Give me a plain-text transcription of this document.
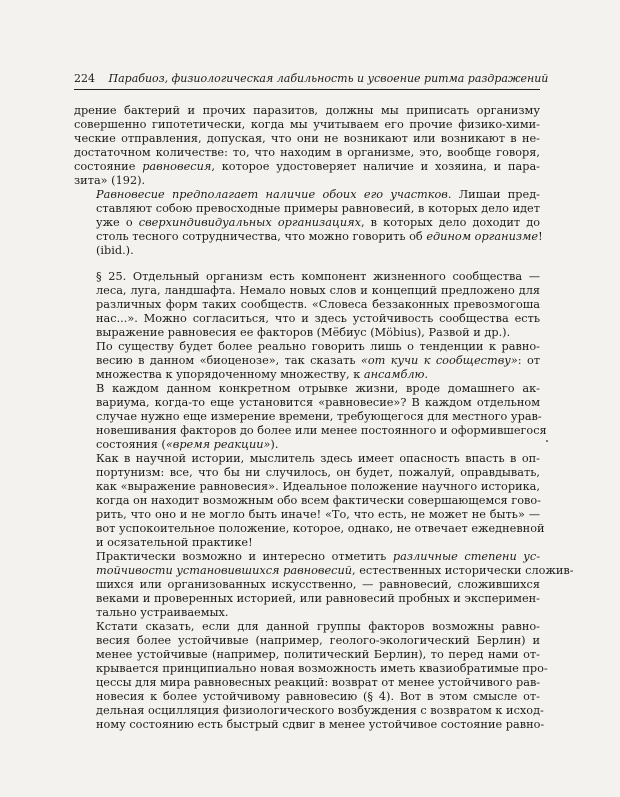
224 Парабиоз, физиологическая лабильность и усвоение ритма раздражений
дрение бактерий и прочих паразитов, должны мы приписать организму
совершенно гипотетически, когда мы учитываем его прочие физико-хими-
ческие отправления, допуская, что они не возникают или возникают в не-
достаточном количестве: то, что находим в организме, это, вообще говоря,
состояние равновесия, которое удостоверяет наличие и хозяина, и пара-
зита» (192).
Равновесие предполагает наличие обоих его участков. Лишаи пред-
ставляют собою превосходные примеры равновесий, в которых дело идет
уже о сверхиндивидуальных организациях, в которых дело доходит до
столь тесного сотрудничества, что можно говорить об едином организме!
(ibid.).
§ 25. Отдельный организм есть компонент жизненного сообщества —
леса, луга, ландшафта. Немало новых слов и концепций предложено для
различных форм таких сообществ. «Словеса беззаконных превозмогоша
нас...». Можно согласиться, что и здесь устойчивость сообщества есть
выражение равновесия ее факторов (Мёбиус (Möbius), Развой и др.).
По существу будет более реально говорить лишь о тенденции к равно-
весию в данном «биоценозе», так сказать «от кучи к сообществу»: от
множества к упорядоченному множеству, к ансамблю.
В каждом данном конкретном отрывке жизни, вроде домашнего ак-
вариума, когда-то еще установится «равновесие»? В каждом отдельном
случае нужно еще измерение времени, требующегося для местного урав-
новешивания факторов до более или менее постоянного и оформившегося
состояния («время реакции»).
Как в научной истории, мыслитель здесь имеет опасность впасть в оп-
портунизм: все, что бы ни случилось, он будет, пожалуй, оправдывать,
как «выражение равновесия». Идеальное положение научного историка,
когда он находит возможным обо всем фактически совершающемся гово-
рить, что оно и не могло быть иначе! «То, что есть, не может не быть» —
вот успокоительное положение, которое, однако, не отвечает ежедневной
и осязательной практике!
Практически возможно и интересно отметить различные степени ус-
тойчивости установившихся равновесий, естественных исторически сложив-
шихся или организованных искусственно, — равновесий, сложившихся
веками и проверенных историей, или равновесий пробных и эксперимен-
тально устраиваемых.
Кстати сказать, если для данной группы факторов возможны равно-
весия более устойчивые (например, геолого-экологический Берлин) и
менее устойчивые (например, политический Берлин), то перед нами от-
крывается принципиально новая возможность иметь квазиобратимые про-
цессы для мира равновесных реакций: возврат от менее устойчивого рав-
новесия к более устойчивому равновесию (§ 4). Вот в этом смысле от-
дельная осцилляция физиологического возбуждения с возвратом к исход-
ному состоянию есть быстрый сдвиг в менее устойчивое состояние равно-
